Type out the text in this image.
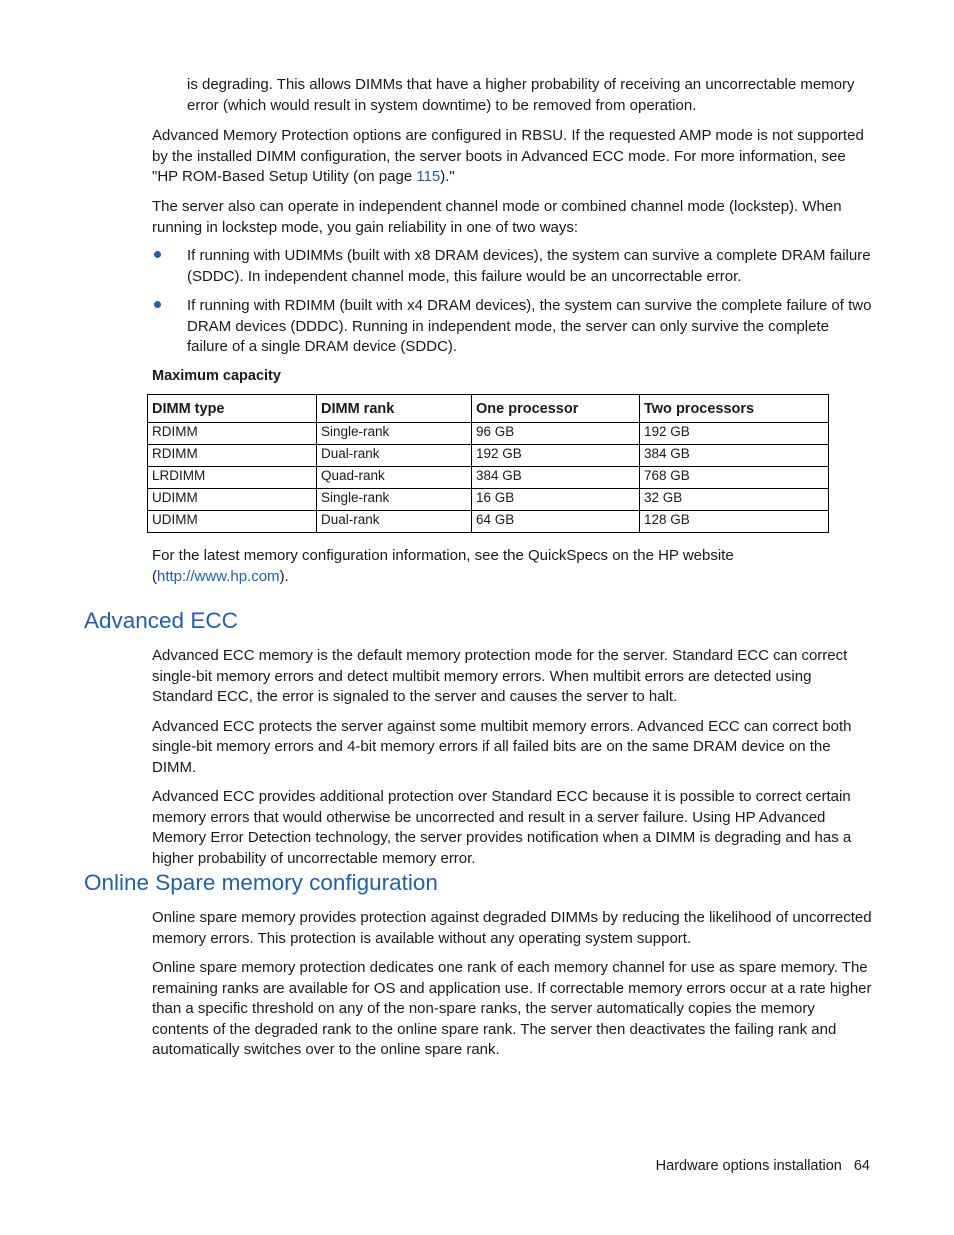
is degrading. This allows DIMMs that have a higher probability of receiving an uncorrectable memory error (which would result in system downtime) to be removed from operation.

Advanced Memory Protection options are configured in RBSU. If the requested AMP mode is not supported by the installed DIMM configuration, the server boots in Advanced ECC mode. For more information, see "HP ROM-Based Setup Utility (on page 115)."

The server also can operate in independent channel mode or combined channel mode (lockstep). When running in lockstep mode, you gain reliability in one of two ways:

If running with UDIMMs (built with x8 DRAM devices), the system can survive a complete DRAM failure (SDDC). In independent channel mode, this failure would be an uncorrectable error.
If running with RDIMM (built with x4 DRAM devices), the system can survive the complete failure of two DRAM devices (DDDC). Running in independent mode, the server can only survive the complete failure of a single DRAM device (SDDC).
Maximum capacity
DIMM type	DIMM rank	One processor	Two processors
RDIMM	Single-rank	96 GB	192 GB
RDIMM	Dual-rank	192 GB	384 GB
LRDIMM	Quad-rank	384 GB	768 GB
UDIMM	Single-rank	16 GB	32 GB
UDIMM	Dual-rank	64 GB	128 GB

For the latest memory configuration information, see the QuickSpecs on the HP website (http://www.hp.com).

Advanced ECC

Advanced ECC memory is the default memory protection mode for the server. Standard ECC can correct single-bit memory errors and detect multibit memory errors. When multibit errors are detected using Standard ECC, the error is signaled to the server and causes the server to halt.

Advanced ECC protects the server against some multibit memory errors. Advanced ECC can correct both single-bit memory errors and 4-bit memory errors if all failed bits are on the same DRAM device on the DIMM.

Advanced ECC provides additional protection over Standard ECC because it is possible to correct certain memory errors that would otherwise be uncorrected and result in a server failure. Using HP Advanced Memory Error Detection technology, the server provides notification when a DIMM is degrading and has a higher probability of uncorrectable memory error.

Online Spare memory configuration

Online spare memory provides protection against degraded DIMMs by reducing the likelihood of uncorrected memory errors. This protection is available without any operating system support.

Online spare memory protection dedicates one rank of each memory channel for use as spare memory. The remaining ranks are available for OS and application use. If correctable memory errors occur at a rate higher than a specific threshold on any of the non-spare ranks, the server automatically copies the memory contents of the degraded rank to the online spare rank. The server then deactivates the failing rank and automatically switches over to the online spare rank.

Hardware options installation 64
